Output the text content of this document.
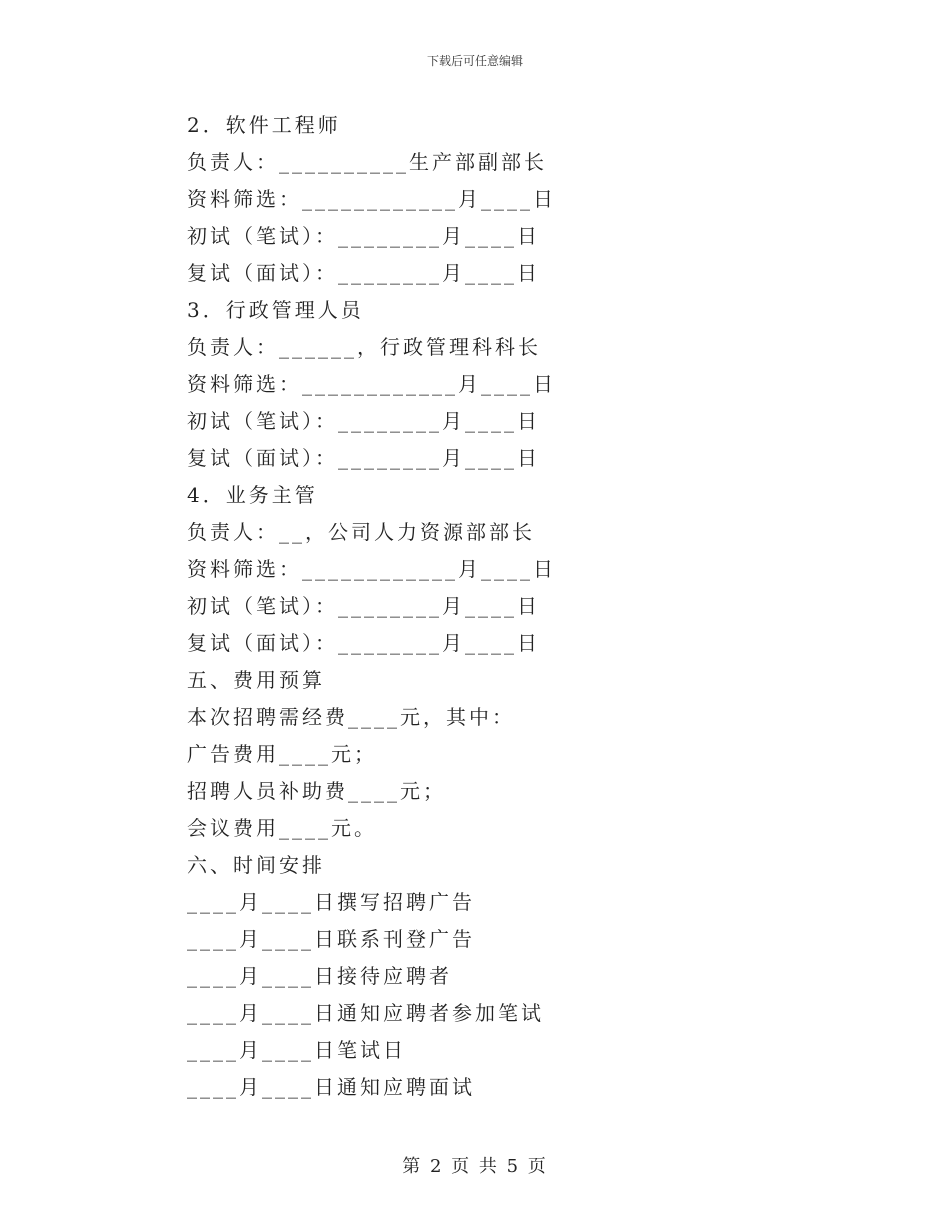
下载后可任意编辑
2．软件工程师
负责人：__________生产部副部长
资料筛选：____________月____日
初试（笔试）：________月____日
复试（面试）：________月____日
3．行政管理人员
负责人：______，行政管理科科长
资料筛选：____________月____日
初试（笔试）：________月____日
复试（面试）：________月____日
4．业务主管
负责人：__，公司人力资源部部长
资料筛选：____________月____日
初试（笔试）：________月____日
复试（面试）：________月____日
五、费用预算
本次招聘需经费____元，其中：
广告费用____元；
招聘人员补助费____元；
会议费用____元。
六、时间安排
____月____日撰写招聘广告
____月____日联系刊登广告
____月____日接待应聘者
____月____日通知应聘者参加笔试
____月____日笔试日
____月____日通知应聘面试
第 2 页 共 5 页
